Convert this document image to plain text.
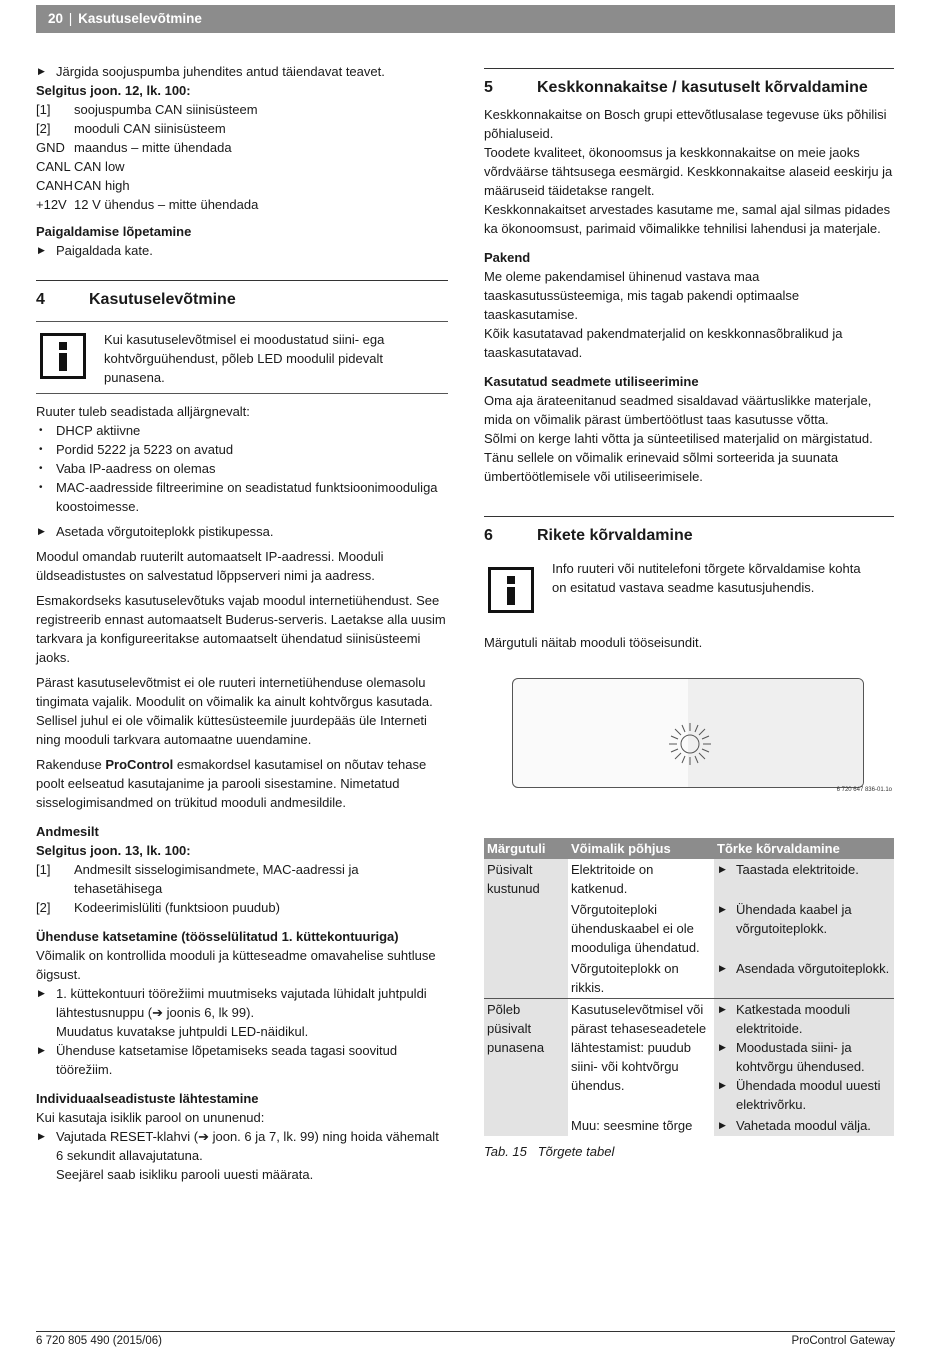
20 | Kasutuselevõtmine

▶ Järgida soojuspumba juhendites antud täiendavat teavet.

Selgitus joon. 12, lk. 100:

[1]	soojuspumba CAN siinisüsteem
[2]	mooduli CAN siinisüsteem
GND maandus – mitte ühendada
CANL CAN low
CANH CAN high
+12V 12 V ühendus – mitte ühendada

Paigaldamise lõpetamine

▶ Paigaldada kate.

4	Kasutuselevõtmine

Kui kasutuselevõtmisel ei moodustatud siini- ega kohtvõrguühendust, põleb LED moodulil pidevalt punasena.

Ruuter tuleb seadistada alljärgnevalt:

• DHCP aktiivne

• Pordid 5222 ja 5223 on avatud

• Vaba IP-aadress on olemas

• MAC-aadresside filtreerimine on seadistatud funktsioonimooduliga koostoimesse.

▶ Asetada võrgutoiteplokk pistikupessa.

Moodul omandab ruuterilt automaatselt IP-aadressi. Mooduli üldseadistustes on salvestatud lõppserveri nimi ja aadress.

Esmakordseks kasutuselevõtuks vajab moodul internetiühendust. See registreerib ennast automaatselt Buderus-serveris. Laetakse alla uusim tarkvara ja konfigureeritakse automaatselt ühendatud siinisüsteemi jaoks.

Pärast kasutuselevõtmist ei ole ruuteri internetiühenduse olemasolu tingimata vajalik. Moodulit on võimalik ka ainult kohtvõrgus kasutada. Sellisel juhul ei ole võimalik küttesüsteemile juurdepääs üle Interneti ning mooduli tarkvara automaatne uuendamine.

Rakenduse ProControl esmakordsel kasutamisel on nõutav tehase poolt eelseatud kasutajanime ja parooli sisestamine. Nimetatud sisselogimisandmed on trükitud mooduli andmesildile.

Andmesilt

Selgitus joon. 13, lk. 100:

[1]	Andmesilt sisselogimisandmete, MAC-aadressi ja tehasetähisega
[2]	Kodeerimislüliti (funktsioon puudub)

Ühenduse katsetamine (töösselülitatud 1. küttekontuuriga)

Võimalik on kontrollida mooduli ja kütteseadme omavahelise suhtluse õigsust.

▶ 1. küttekontuuri töörežiimi muutmiseks vajutada lühidalt juhtpuldi lähtestusnuppu (➔ joonis 6, lk 99).
Muudatus kuvatakse juhtpuldi LED-näidikul.

▶ Ühenduse katsetamise lõpetamiseks seada tagasi soovitud töörežiim.

Individuaalseadistuste lähtestamine

Kui kasutaja isiklik parool on ununenud:

▶ Vajutada RESET-klahvi (➔ joon. 6 ja 7, lk. 99) ning hoida vähemalt 6 sekundit allavajutatuna.
Seejärel saab isikliku parooli uuesti määrata.

5	Keskkonnakaitse / kasutuselt kõrvaldamine

Keskkonnakaitse on Bosch grupi ettevõtlusalase tegevuse üks põhilisi põhialuseid.

Toodete kvaliteet, ökonoomsus ja keskkonnakaitse on meie jaoks võrdväärse tähtsusega eesmärgid. Keskkonnakaitse alaseid eeskirju ja määruseid täidetakse rangelt.

Keskkonnakaitset arvestades kasutame me, samal ajal silmas pidades ka ökonoomsust, parimaid võimalikke tehnilisi lahendusi ja materjale.

Pakend

Me oleme pakendamisel ühinenud vastava maa taaskasutussüsteemiga, mis tagab pakendi optimaalse taaskasutamise.

Kõik kasutatavad pakendmaterjalid on keskkonnasõbralikud ja taaskasutatavad.

Kasutatud seadmete utiliseerimine

Oma aja ärateenitanud seadmed sisaldavad väärtuslikke materjale, mida on võimalik pärast ümbertöötlust taas kasutusse võtta.

Sõlmi on kerge lahti võtta ja sünteetilised materjalid on märgistatud. Tänu sellele on võimalik erinevaid sõlmi sorteerida ja suunata ümbertöötlemisele või utiliseerimisele.

6	Rikete kõrvaldamine

Info ruuteri või nutitelefoni tõrgete kõrvaldamise kohta on esitatud vastava seadme kasutusjuhendis.

Märgutuli näitab mooduli tööseisundit.

6 720 647 836-01.1o
Märgutuli	Võimalik põhjus	Tõrke kõrvaldamine
Püsivalt kustunud	Elektritoide on katkenud.	▶ Taastada elektritoide.

	Võrgutoiteploki ühenduskaabel ei ole mooduliga ühendatud.	▶ Ühendada kaabel ja võrgutoiteplokk.

	Võrgutoiteplokk on rikkis.	▶ Asendada võrgutoiteplokk.

Põleb püsivalt punasena	Kasutuselevõtmisel või pärast tehaseseadetele lähtestamist: puudub siini- või kohtvõrgu ühendus.	▶ Katkestada mooduli elektritoide.
▶ Moodustada siini- ja kohtvõrgu ühendused.
▶ Ühendada moodul uuesti elektrivõrku.

	Muu: seesmine tõrge	▶ Vahetada moodul välja.

Tab. 15   Tõrgete tabel

6 720 805 490 (2015/06)	ProControl Gateway
